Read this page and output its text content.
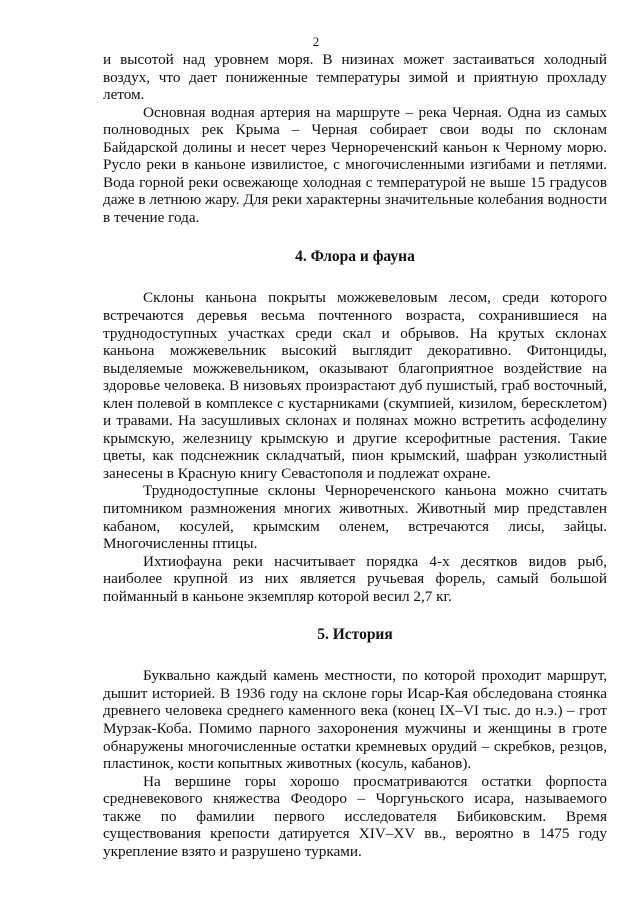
2

и высотой над уровнем моря. В низинах может застаиваться холодный воздух, что дает пониженные температуры зимой и приятную прохладу летом.

Основная водная артерия на маршруте – река Черная. Одна из самых полноводных рек Крыма – Черная собирает свои воды по склонам Байдарской долины и несет через Чернореченский каньон к Черному морю. Русло реки в каньоне извилистое, с многочисленными изгибами и петлями. Вода горной реки освежающе холодная с температурой не выше 15 градусов даже в летнюю жару. Для реки характерны значительные колебания водности в течение года.

4. Флора и фауна

Склоны каньона покрыты можжевеловым лесом, среди которого встречаются деревья весьма почтенного возраста, сохранившиеся на труднодоступных участках среди скал и обрывов. На крутых склонах каньона можжевельник высокий выглядит декоративно. Фитонциды, выделяемые можжевельником, оказывают благоприятное воздействие на здоровье человека. В низовьях произрастают дуб пушистый, граб восточный, клен полевой в комплексе с кустарниками (скумпией, кизилом, бересклетом) и травами. На засушливых склонах и полянах можно встретить асфоделину крымскую, железницу крымскую и другие ксерофитные растения. Такие цветы, как подснежник складчатый, пион крымский, шафран узколистный занесены в Красную книгу Севастополя и подлежат охране.

Труднодоступные склоны Чернореченского каньона можно считать питомником размножения многих животных. Животный мир представлен кабаном, косулей, крымским оленем, встречаются лисы, зайцы. Многочисленны птицы.

Ихтиофауна реки насчитывает порядка 4-х десятков видов рыб, наиболее крупной из них является ручьевая форель, самый большой пойманный в каньоне экземпляр которой весил 2,7 кг.

5. История

Буквально каждый камень местности, по которой проходит маршрут, дышит историей. В 1936 году на склоне горы Исар-Кая обследована стоянка древнего человека среднего каменного века (конец IX–VI тыс. до н.э.) – грот Мурзак-Коба. Помимо парного захоронения мужчины и женщины в гроте обнаружены многочисленные остатки кремневых орудий – скребков, резцов, пластинок, кости копытных животных (косуль, кабанов).

На вершине горы хорошо просматриваются остатки форпоста средневекового княжества Феодоро – Чоргуньского исара, называемого также по фамилии первого исследователя Бибиковским. Время существования крепости датируется XIV–XV вв., вероятно в 1475 году укрепление взято и разрушено турками.
